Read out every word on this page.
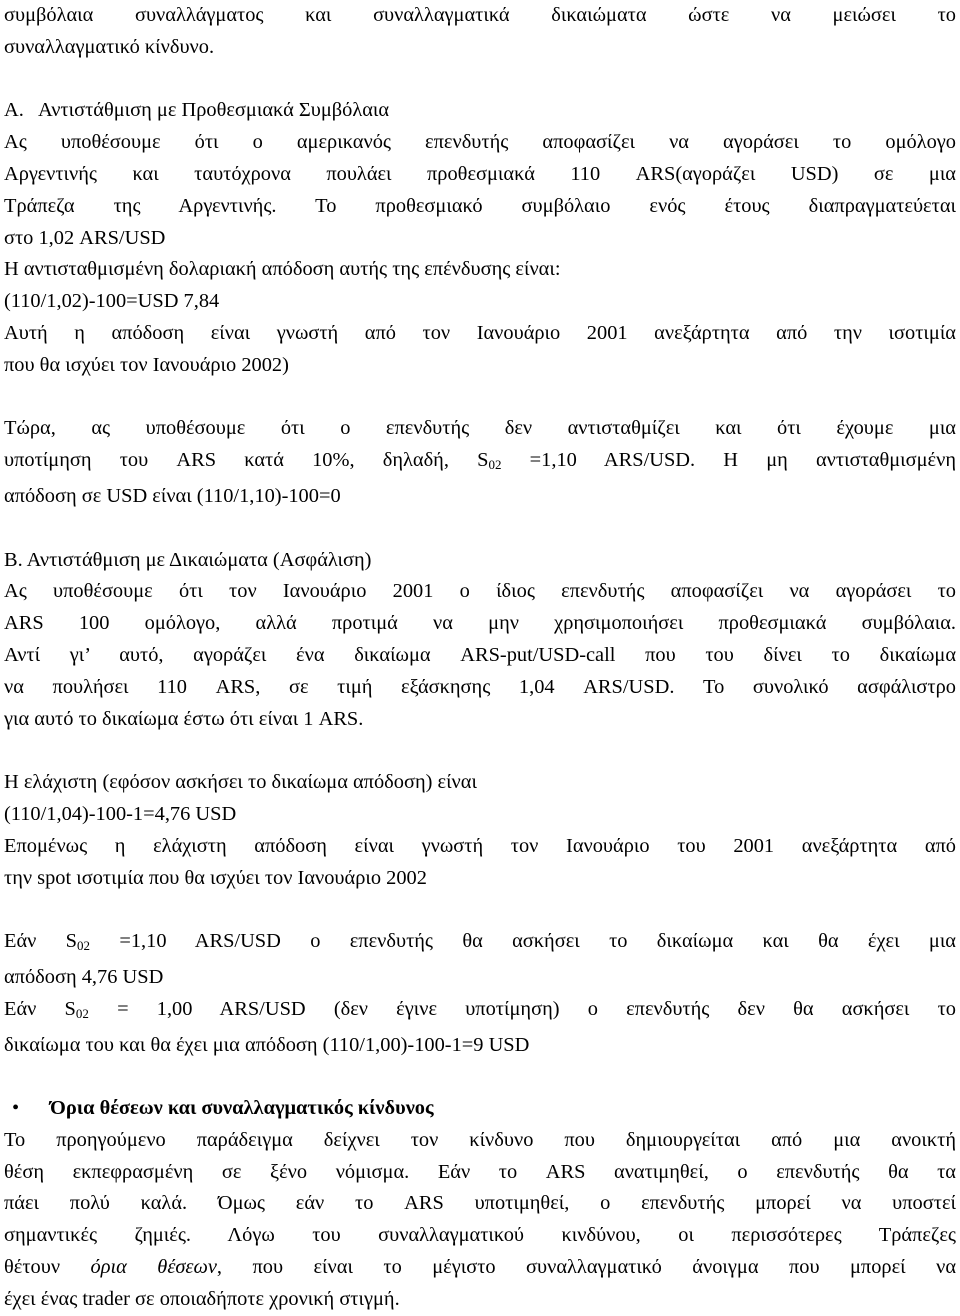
συμβόλαια συναλλάγματος και συναλλαγματικά δικαιώματα ώστε να μειώσει το

συναλλαγματικό κίνδυνο.

Α.   Αντιστάθμιση με Προθεσμιακά Συμβόλαια

Ας υποθέσουμε ότι ο αμερικανός επενδυτής αποφασίζει να αγοράσει το ομόλογο

Αργεντινής και ταυτόχρονα πουλάει προθεσμιακά 110 ARS(αγοράζει USD) σε μια

Τράπεζα της Αργεντινής. Το προθεσμιακό συμβόλαιο ενός έτους διαπραγματεύεται

στο 1,02 ARS/USD

Η αντισταθμισμένη δολαριακή απόδοση αυτής της επένδυσης είναι:

(110/1,02)-100=USD 7,84

Αυτή η απόδοση είναι γνωστή από τον Ιανουάριο 2001 ανεξάρτητα από την ισοτιμία

που θα ισχύει τον Ιανουάριο 2002)

Τώρα, ας υποθέσουμε ότι ο επενδυτής δεν αντισταθμίζει και ότι έχουμε μια

υποτίμηση του ARS κατά 10%, δηλαδή, $S_{02} =1,10$ ARS/USD. Η μη αντισταθμισμένη

απόδοση σε USD είναι (110/1,10)-100=0

Β. Αντιστάθμιση με Δικαιώματα (Ασφάλιση)

Ας υποθέσουμε ότι τον Ιανουάριο 2001 ο ίδιος επενδυτής αποφασίζει να αγοράσει το

ARS 100 ομόλογο, αλλά προτιμά να μην χρησιμοποιήσει προθεσμιακά συμβόλαια.

Αντί γι’ αυτό, αγοράζει ένα δικαίωμα ARS-put/USD-call που του δίνει το δικαίωμα

να πουλήσει 110 ARS, σε τιμή εξάσκησης 1,04 ARS/USD. Το συνολικό ασφάλιστρο

για αυτό το δικαίωμα έστω ότι είναι 1 ARS.

Η ελάχιστη (εφόσον ασκήσει το δικαίωμα απόδοση) είναι

(110/1,04)-100-1=4,76 USD

Επομένως η ελάχιστη απόδοση είναι γνωστή τον Ιανουάριο του 2001 ανεξάρτητα από

την spot ισοτιμία που θα ισχύει τον Ιανουάριο 2002

Εάν $S_{02} =1,10$ ARS/USD ο επενδυτής θα ασκήσει το δικαίωμα και θα έχει μια

απόδοση 4,76 USD

Εάν $S_{02} = 1,00$ ARS/USD (δεν έγινε υποτίμηση) ο επενδυτής δεν θα ασκήσει το

δικαίωμα του και θα έχει μια απόδοση (110/1,00)-100-1=9 USD

• Όρια θέσεων και συναλλαγματικός κίνδυνος

Το προηγούμενο παράδειγμα δείχνει τον κίνδυνο που δημιουργείται από μια ανοικτή

θέση εκπεφρασμένη σε ξένο νόμισμα. Εάν το ARS ανατιμηθεί, ο επενδυτής θα τα

πάει πολύ καλά. Όμως εάν το ARS υποτιμηθεί, ο επενδυτής μπορεί να υποστεί

σημαντικές ζημιές. Λόγω του συναλλαγματικού κινδύνου, οι περισσότερες Τράπεζες

θέτουν όρια θέσεων, που είναι το μέγιστο συναλλαγματικό άνοιγμα που μπορεί να

έχει ένας trader σε οποιαδήποτε χρονική στιγμή.
